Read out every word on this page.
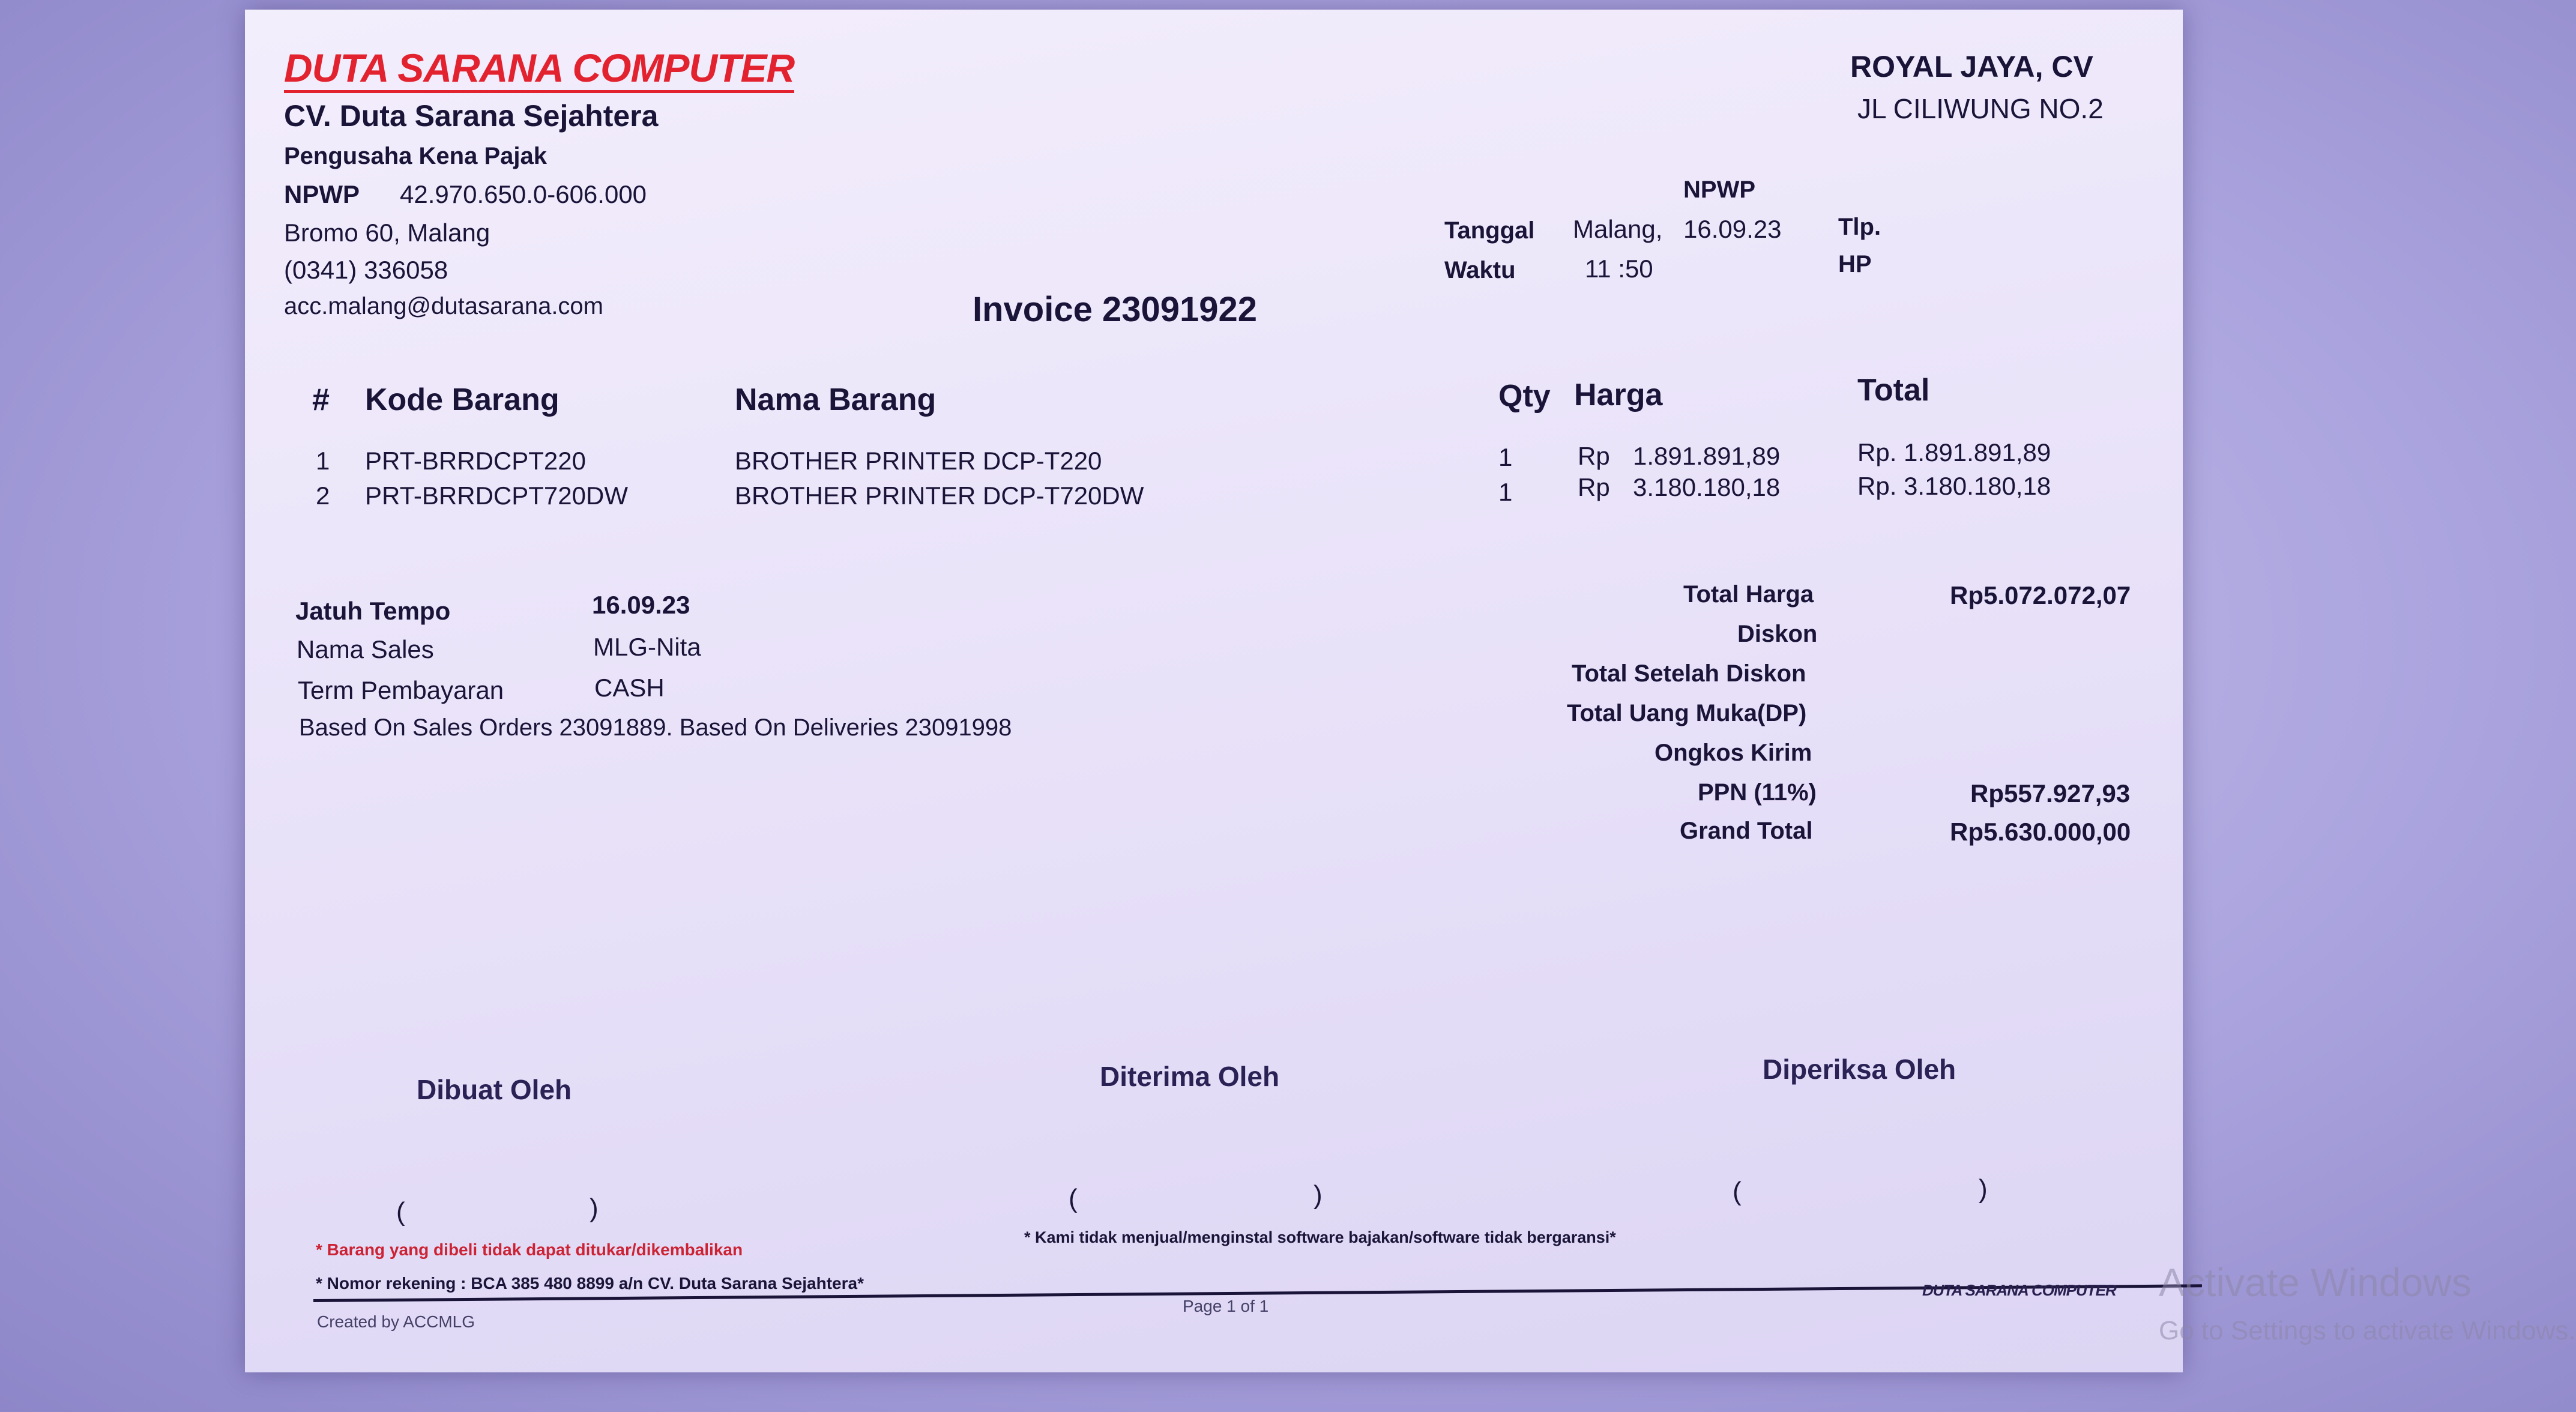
DUTA SARANA COMPUTER
CV. Duta Sarana Sejahtera
Pengusaha Kena Pajak
NPWP 42.970.650.0-606.000
Bromo 60, Malang
(0341) 336058
acc.malang@dutasarana.com
ROYAL JAYA, CV
JL CILIWUNG NO.2
NPWP
Tlp.
HP
Tanggal Malang, 16.09.23
Waktu	11 :50
Invoice 23091922
# Kode Barang	Nama Barang	Qty Harga	Total
1 PRT-BRRDCPT220	BROTHER PRINTER DCP-T220	1	Rp 1.891.891,89	Rp. 1.891.891,89
2 PRT-BRRDCPT720DW	BROTHER PRINTER DCP-T720DW	1	Rp 3.180.180,18	Rp. 3.180.180,18
Jatuh Tempo	16.09.23
Nama Sales	MLG-Nita
Term Pembayaran	CASH
Based On Sales Orders 23091889. Based On Deliveries 23091998
Total Harga	Rp5.072.072,07
Diskon
Total Setelah Diskon
Total Uang Muka(DP)
Ongkos Kirim
PPN (11%)	Rp557.927,93
Grand Total	Rp5.630.000,00
Dibuat Oleh	Diterima Oleh	Diperiksa Oleh
(	)	(	)	(	)
* Barang yang dibeli tidak dapat ditukar/dikembalikan
* Kami tidak menjual/menginstal software bajakan/software tidak bergaransi*
* Nomor rekening : BCA 385 480 8899 a/n CV. Duta Sarana Sejahtera*
Created by ACCMLG
Page 1 of 1
DUTA SARANA COMPUTER Activate Windows
Go to Settings to activate Windows.
